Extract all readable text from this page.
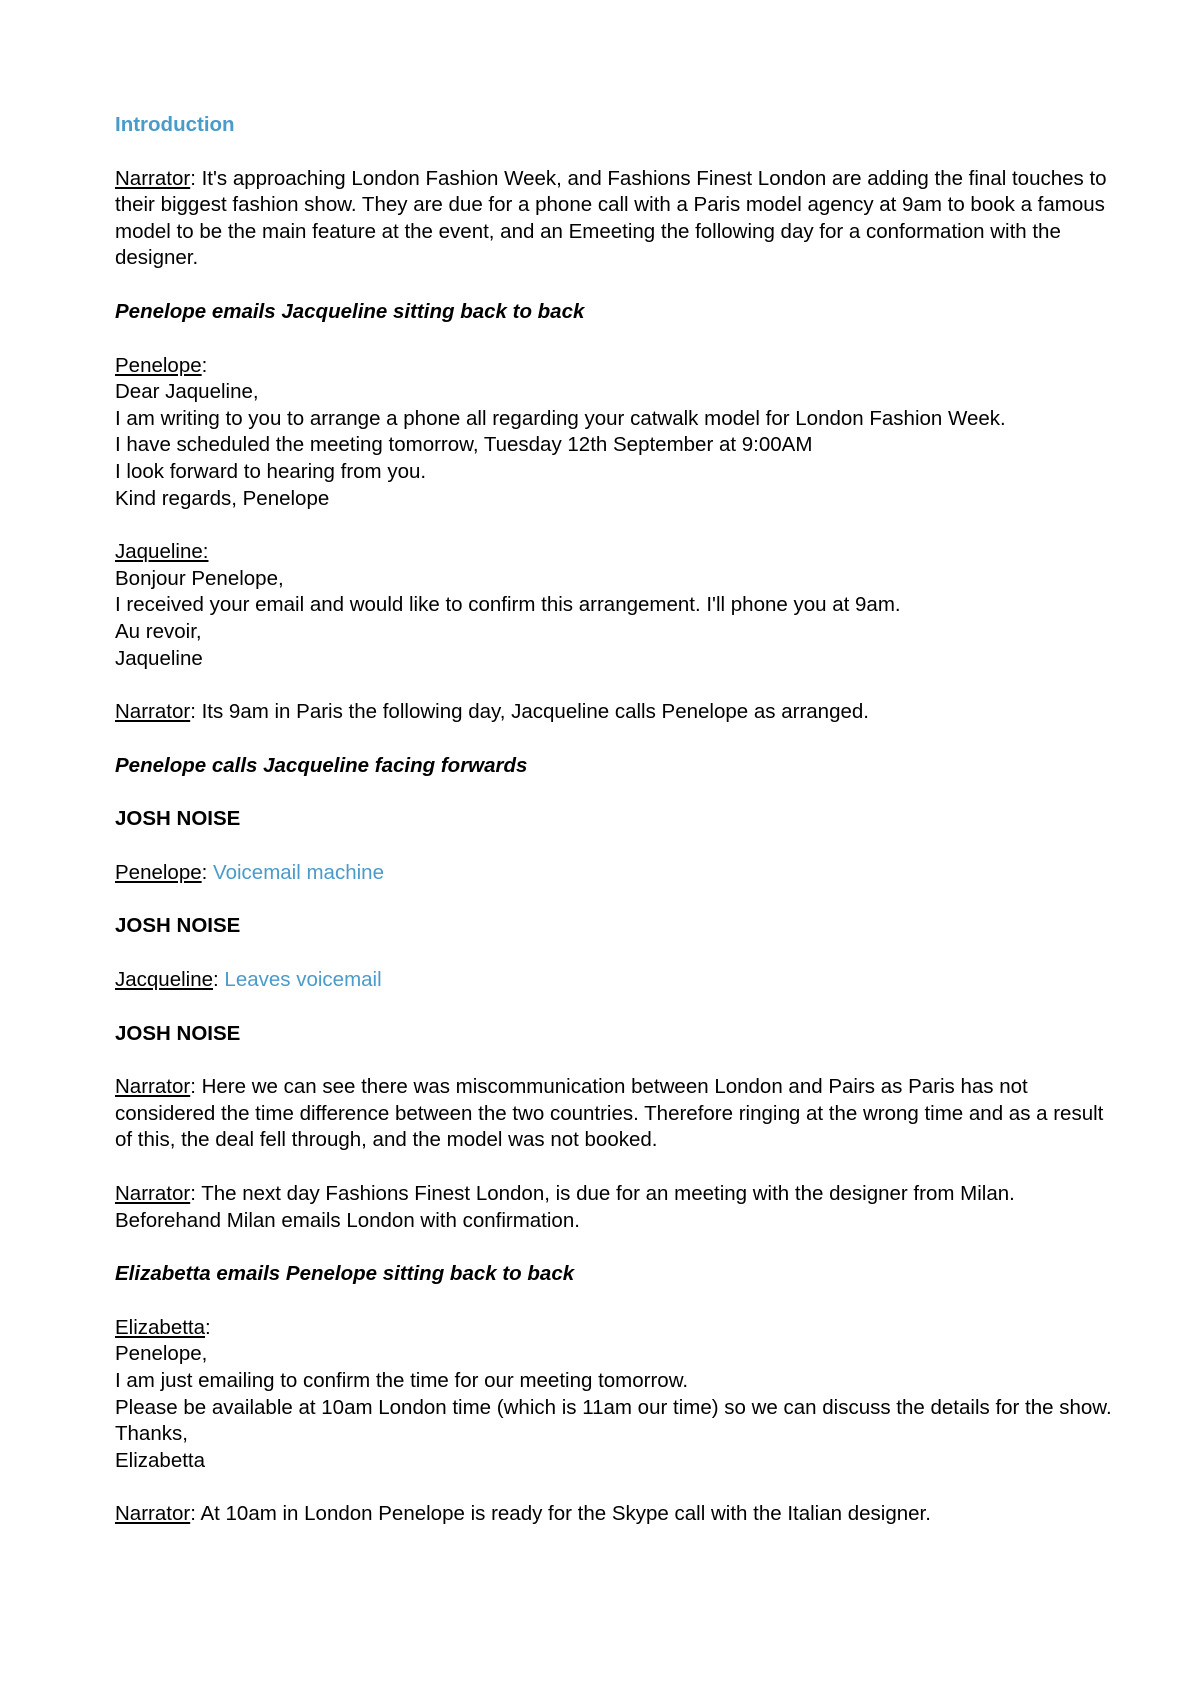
Introduction

Narrator: It's approaching London Fashion Week, and Fashions Finest London are adding the final touches to their biggest fashion show. They are due for a phone call with a Paris model agency at 9am to book a famous model to be the main feature at the event, and an Emeeting the following day for a conformation with the designer.

Penelope emails Jacqueline sitting back to back

Penelope:
Dear Jaqueline,
I am writing to you to arrange a phone all regarding your catwalk model for London Fashion Week.
I have scheduled the meeting tomorrow, Tuesday 12th September at 9:00AM
I look forward to hearing from you.
Kind regards, Penelope

Jaqueline:
Bonjour Penelope,
I received your email and would like to confirm this arrangement. I'll phone you at 9am.
Au revoir,
Jaqueline

Narrator: Its 9am in Paris the following day, Jacqueline calls Penelope as arranged.

Penelope calls Jacqueline facing forwards

JOSH NOISE

Penelope: Voicemail machine

JOSH NOISE

Jacqueline: Leaves voicemail

JOSH NOISE

Narrator: Here we can see there was miscommunication between London and Pairs as Paris has not considered the time difference between the two countries. Therefore ringing at the wrong time and as a result of this, the deal fell through, and the model was not booked.

Narrator: The next day Fashions Finest London, is due for an meeting with the designer from Milan. Beforehand Milan emails London with confirmation.

Elizabetta emails Penelope sitting back to back

Elizabetta:
Penelope,
I am just emailing to confirm the time for our meeting tomorrow.
Please be available at 10am London time (which is 11am our time) so we can discuss the details for the show.
Thanks,
Elizabetta

Narrator: At 10am in London Penelope is ready for the Skype call with the Italian designer.
